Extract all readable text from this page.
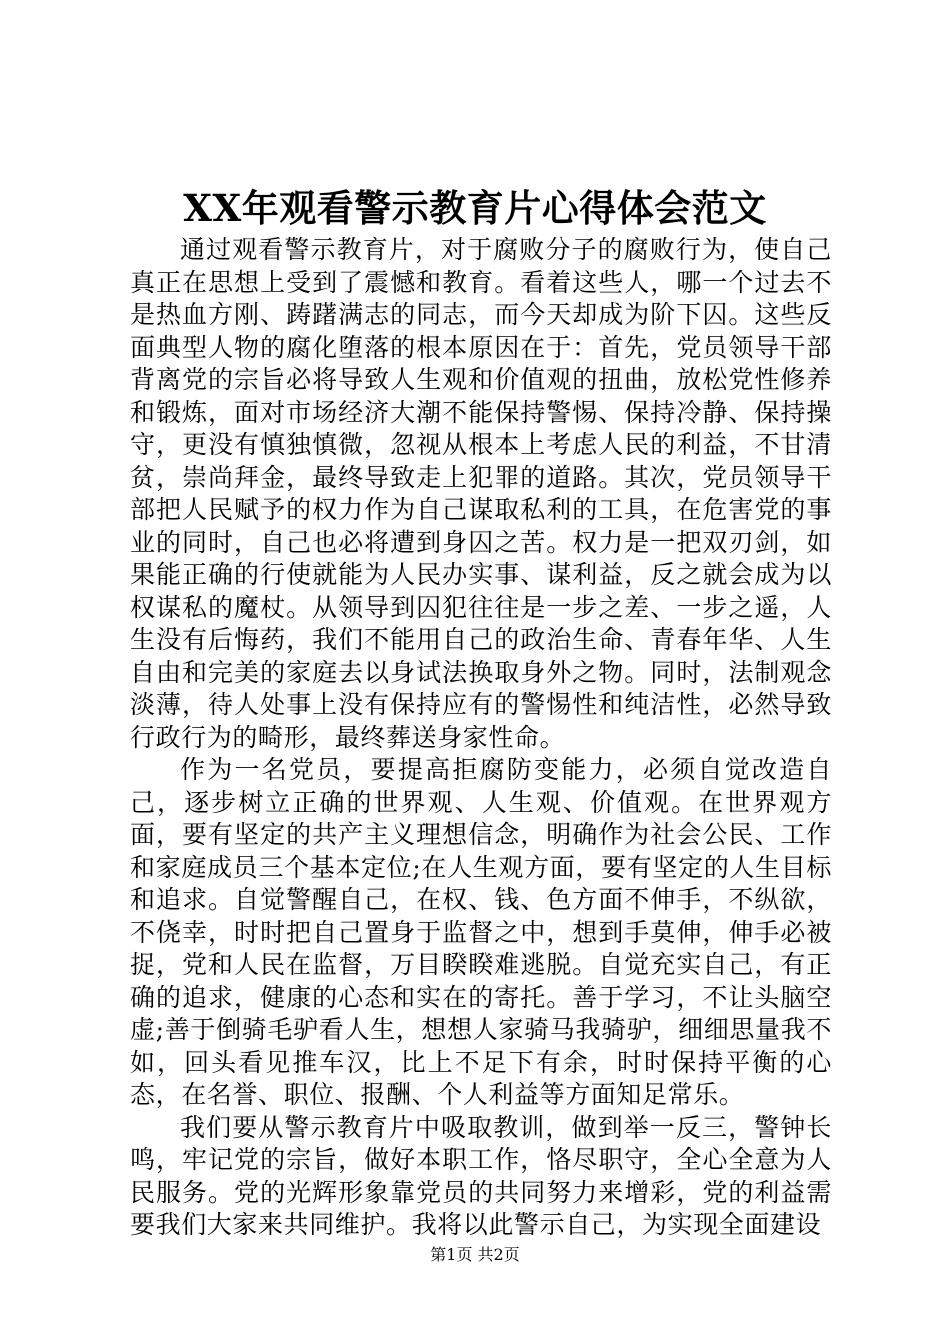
XX年观看警示教育片心得体会范文

通过观看警示教育片，对于腐败分子的腐败行为，使自己真正在思想上受到了震憾和教育。看着这些人，哪一个过去不是热血方刚、踌躇满志的同志，而今天却成为阶下囚。这些反面典型人物的腐化堕落的根本原因在于：首先，党员领导干部背离党的宗旨必将导致人生观和价值观的扭曲，放松党性修养和锻炼，面对市场经济大潮不能保持警惕、保持冷静、保持操守，更没有慎独慎微，忽视从根本上考虑人民的利益，不甘清贫，崇尚拜金，最终导致走上犯罪的道路。其次，党员领导干部把人民赋予的权力作为自己谋取私利的工具，在危害党的事业的同时，自己也必将遭到身囚之苦。权力是一把双刃剑，如果能正确的行使就能为人民办实事、谋利益，反之就会成为以权谋私的魔杖。从领导到囚犯往往是一步之差、一步之遥，人生没有后悔药，我们不能用自己的政治生命、青春年华、人生自由和完美的家庭去以身试法换取身外之物。同时，法制观念淡薄，待人处事上没有保持应有的警惕性和纯洁性，必然导致行政行为的畸形，最终葬送身家性命。

作为一名党员，要提高拒腐防变能力，必须自觉改造自己，逐步树立正确的世界观、人生观、价值观。在世界观方面，要有坚定的共产主义理想信念，明确作为社会公民、工作和家庭成员三个基本定位;在人生观方面，要有坚定的人生目标和追求。自觉警醒自己，在权、钱、色方面不伸手，不纵欲，不侥幸，时时把自己置身于监督之中，想到手莫伸，伸手必被捉，党和人民在监督，万目睽睽难逃脱。自觉充实自己，有正确的追求，健康的心态和实在的寄托。善于学习，不让头脑空虚;善于倒骑毛驴看人生，想想人家骑马我骑驴，细细思量我不如，回头看见推车汉，比上不足下有余，时时保持平衡的心态，在名誉、职位、报酬、个人利益等方面知足常乐。

我们要从警示教育片中吸取教训，做到举一反三，警钟长鸣，牢记党的宗旨，做好本职工作，恪尽职守，全心全意为人民服务。党的光辉形象靠党员的共同努力来增彩，党的利益需要我们大家来共同维护。我将以此警示自己，为实现全面建设

第1页 共2页
